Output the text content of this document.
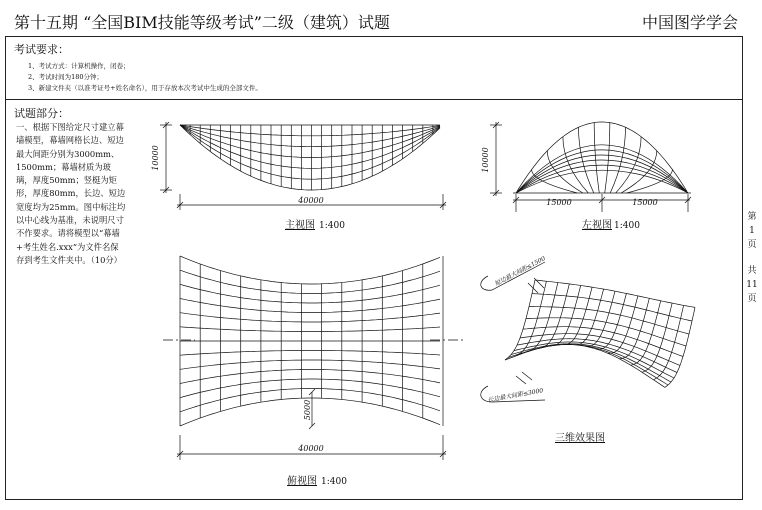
第十五期 “全国BIM技能等级考试”二级（建筑）试题	中国图学学会
考试要求：
1、考试方式：计算机操作，闭卷；
2、考试时间为180分钟；
3、新建文件夹（以准考证号+姓名命名），用于存放本次考试中生成的全部文件。
试题部分：
一、根据下图给定尺寸建立幕墙模型，幕墙网格长边、短边最大间距分别为3000mm、1500mm；幕墙材质为玻璃，厚度50mm；竖梃为矩形，厚度80mm，长边、短边宽度均为25mm。图中标注均以中心线为基准，未说明尺寸不作要求。请将模型以“幕墙+考生姓名.xxx”为文件名保存到考生文件夹中。（10分）
第
1
页
共
11
页
10000
40000
10000
15000	15000
5000
40000
短边最大间距≤1500
长边最大间距≤3000
主视图 1:400	左视图 1:400
俯视图 1:400
三维效果图
